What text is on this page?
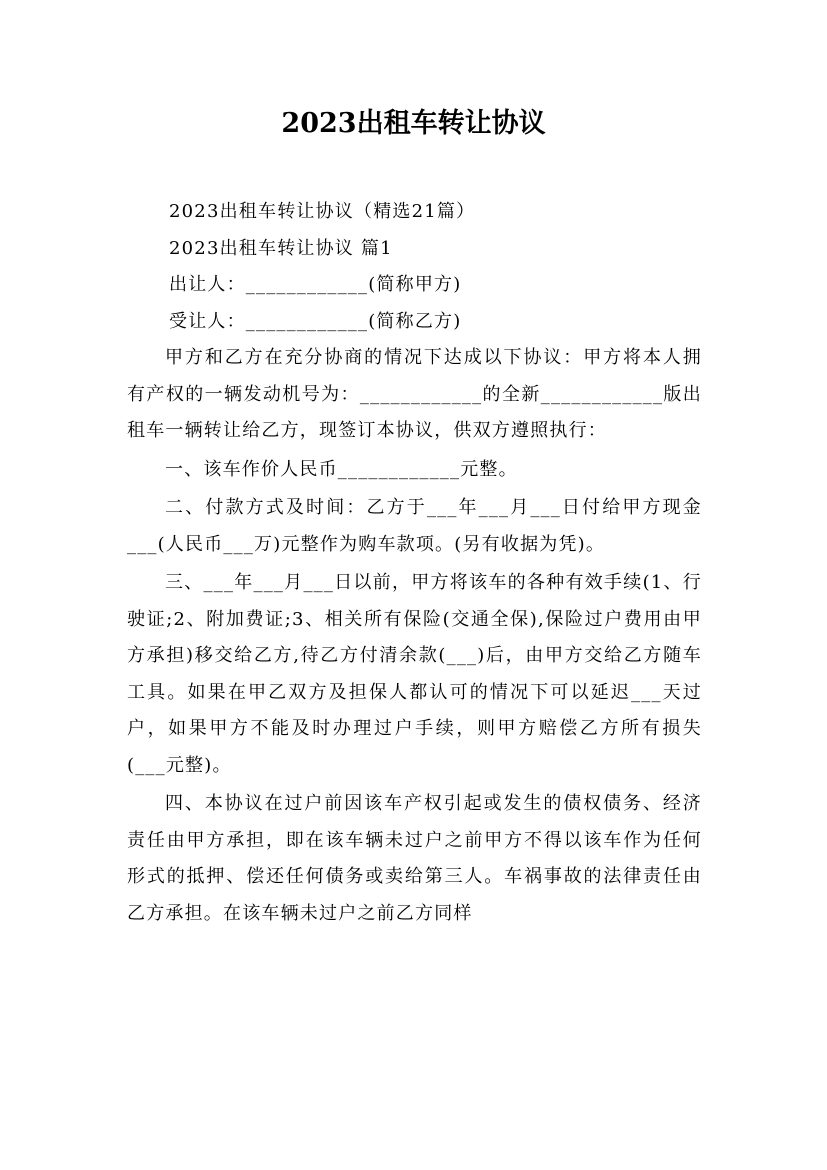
2023出租车转让协议

2023出租车转让协议（精选21篇）

2023出租车转让协议 篇1

出让人：____________(简称甲方)

受让人：____________(简称乙方)

甲方和乙方在充分协商的情况下达成以下协议：甲方将本人拥有产权的一辆发动机号为：____________的全新____________版出租车一辆转让给乙方，现签订本协议，供双方遵照执行：

一、该车作价人民币____________元整。

二、付款方式及时间：乙方于___年___月___日付给甲方现金___(人民币___万)元整作为购车款项。(另有收据为凭)。

三、___年___月___日以前，甲方将该车的各种有效手续(1、行驶证;2、附加费证;3、相关所有保险(交通全保),保险过户费用由甲方承担)移交给乙方,待乙方付清余款(___)后，由甲方交给乙方随车工具。如果在甲乙双方及担保人都认可的情况下可以延迟___天过户，如果甲方不能及时办理过户手续，则甲方赔偿乙方所有损失(___元整)。

四、本协议在过户前因该车产权引起或发生的债权债务、经济责任由甲方承担，即在该车辆未过户之前甲方不得以该车作为任何形式的抵押、偿还任何债务或卖给第三人。车祸事故的法律责任由乙方承担。在该车辆未过户之前乙方同样
